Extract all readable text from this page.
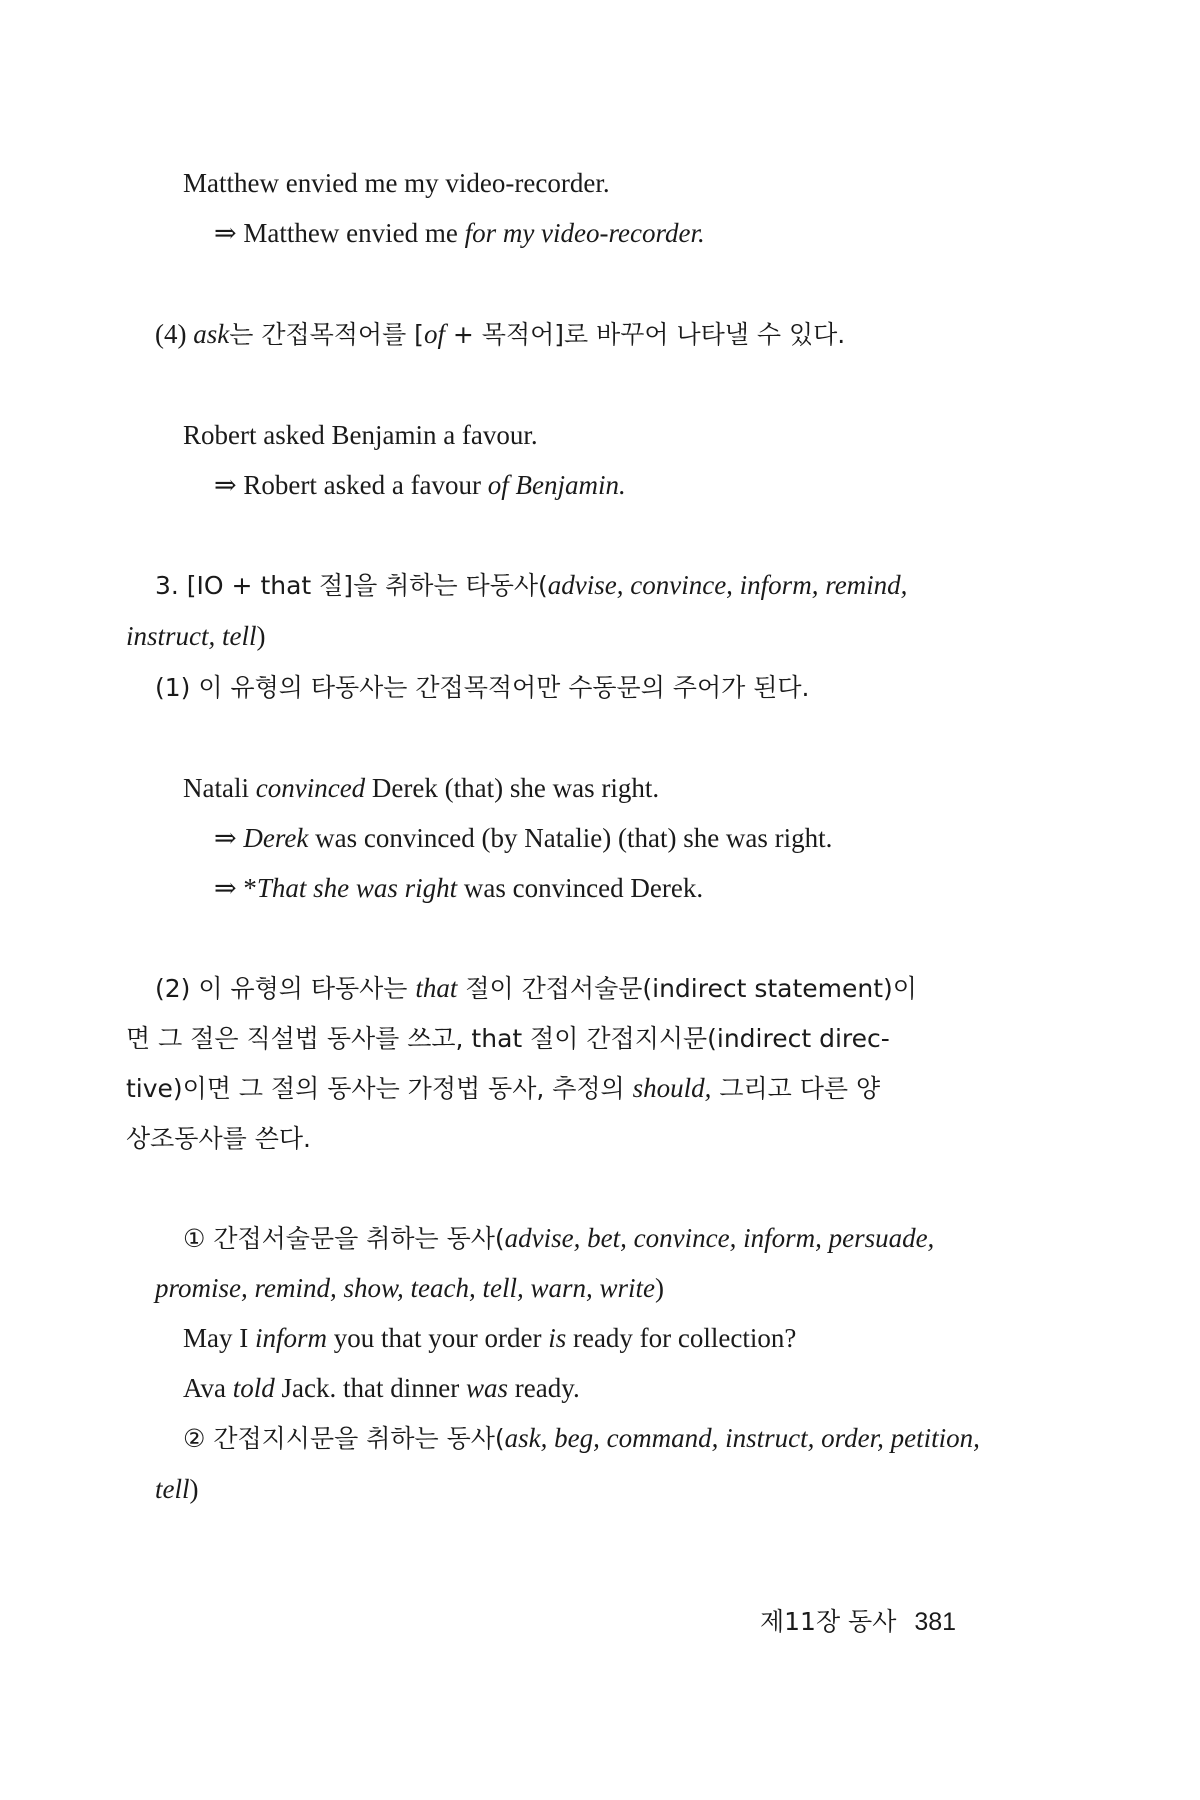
Matthew envied me my video-recorder.
⇒ Matthew envied me for my video-recorder.
(4) ask는 간접목적어를 [of + 목적어]로 바꾸어 나타낼 수 있다.
Robert asked Benjamin a favour.
⇒ Robert asked a favour of Benjamin.
3. [IO + that 절]을 취하는 타동사(advise, convince, inform, remind,
instruct, tell)
(1) 이 유형의 타동사는 간접목적어만 수동문의 주어가 된다.
Natali convinced Derek (that) she was right.
⇒ Derek was convinced (by Natalie) (that) she was right.
⇒ *That she was right was convinced Derek.
(2) 이 유형의 타동사는 that 절이 간접서술문(indirect statement)이
면 그 절은 직설법 동사를 쓰고, that 절이 간접지시문(indirect direc-
tive)이면 그 절의 동사는 가정법 동사, 추정의 should, 그리고 다른 양
상조동사를 쓴다.
① 간접서술문을 취하는 동사(advise, bet, convince, inform, persuade,
promise, remind, show, teach, tell, warn, write)
May I inform you that your order is ready for collection?
Ava told Jack. that dinner was ready.
② 간접지시문을 취하는 동사(ask, beg, command, instruct, order, petition,
tell)
제11장 동사 381
